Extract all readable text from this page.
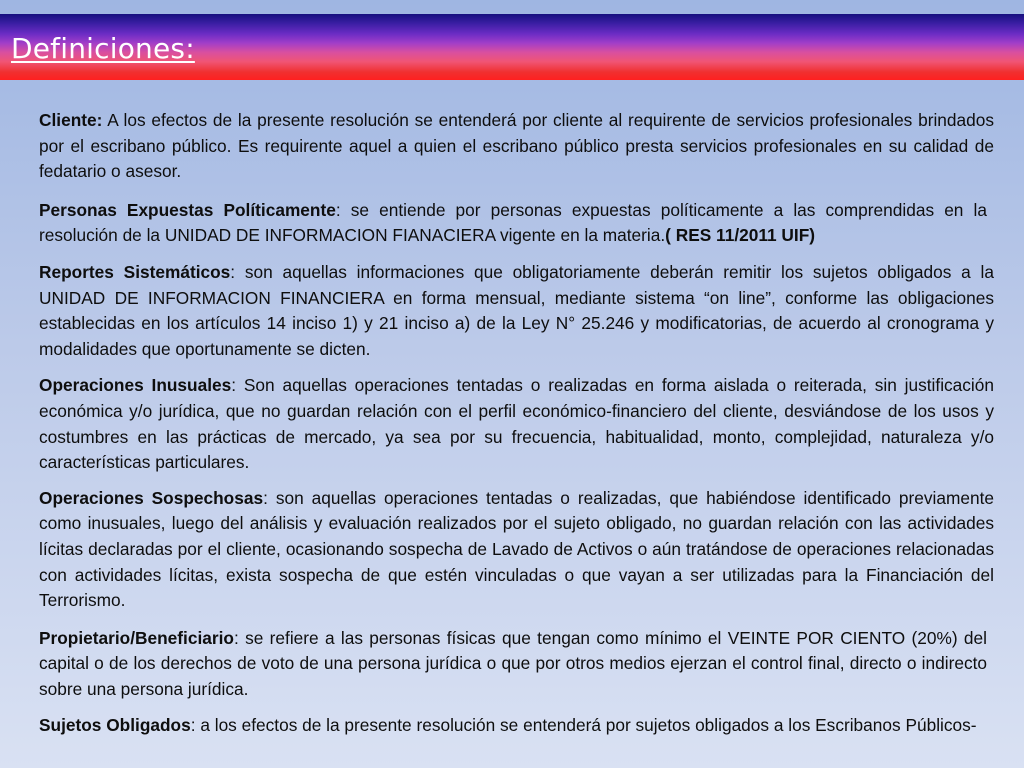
Definiciones:

Cliente: A los efectos de la presente resolución se entenderá por cliente al requirente de servicios profesionales brindados por el escribano público. Es requirente aquel a quien el escribano público presta servicios profesionales en su calidad de fedatario o asesor.

Personas Expuestas Políticamente: se entiende por personas expuestas políticamente a las comprendidas en la resolución de la UNIDAD DE INFORMACION FIANACIERA vigente en la materia.( RES 11/2011 UIF)

Reportes Sistemáticos: son aquellas informaciones que obligatoriamente deberán remitir los sujetos obligados a la UNIDAD DE INFORMACION FINANCIERA en forma mensual, mediante sistema “on line”, conforme las obligaciones establecidas en los artículos 14 inciso 1) y 21 inciso a) de la Ley N° 25.246 y modificatorias, de acuerdo al cronograma y modalidades que oportunamente se dicten.

Operaciones Inusuales: Son aquellas operaciones tentadas o realizadas en forma aislada o reiterada, sin justificación económica y/o jurídica, que no guardan relación con el perfil económico-financiero del cliente, desviándose de los usos y costumbres en las prácticas de mercado, ya sea por su frecuencia, habitualidad, monto, complejidad, naturaleza y/o características particulares.

Operaciones Sospechosas: son aquellas operaciones tentadas o realizadas, que habiéndose identificado previamente como inusuales, luego del análisis y evaluación realizados por el sujeto obligado, no guardan relación con las actividades lícitas declaradas por el cliente, ocasionando sospecha de Lavado de Activos o aún tratándose de operaciones relacionadas con actividades lícitas, exista sospecha de que estén vinculadas o que vayan a ser utilizadas para la Financiación del Terrorismo.

Propietario/Beneficiario: se refiere a las personas físicas que tengan como mínimo el VEINTE POR CIENTO (20%) del capital o de los derechos de voto de una persona jurídica o que por otros medios ejerzan el control final, directo o indirecto sobre una persona jurídica.

Sujetos Obligados: a los efectos de la presente resolución se entenderá por sujetos obligados a los Escribanos Públicos-
